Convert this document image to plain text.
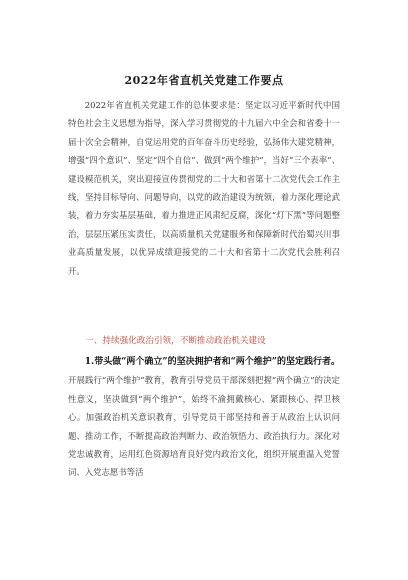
2022年省直机关党建工作要点

2022年省直机关党建工作的总体要求是：坚定以习近平新时代中国特色社会主义思想为指导，深入学习贯彻党的十九届六中全会和省委十一届十次全会精神，自觉运用党的百年奋斗历史经验，弘扬伟大建党精神，增强“四个意识”、坚定“四个自信”、做到“两个维护”，当好“三个表率”、建设模范机关，突出迎接宣传贯彻党的二十大和省第十二次党代会工作主线，坚持目标导向、问题导向，以党的政治建设为统领，着力深化理论武装，着力夯实基层基础，着力推进正风肃纪反腐，深化“灯下黑”等问题整治，层层压紧压实责任，以高质量机关党建服务和保障新时代治蜀兴川事业高质量发展，以优异成绩迎接党的二十大和省第十二次党代会胜利召开。

一、持续强化政治引领，不断推动政治机关建设

1.带头做“两个确立”的坚决拥护者和“两个维护”的坚定践行者。开展践行“两个维护”教育，教育引导党员干部深刻把握“两个确立”的决定性意义，坚决做到“两个维护”，始终不渝拥戴核心、紧跟核心、捍卫核心。加强政治机关意识教育，引导党员干部坚持和善于从政治上认识问题、推动工作，不断提高政治判断力、政治领悟力、政治执行力。深化对党忠诚教育，运用红色资源培育良好党内政治文化，组织开展重温入党誓词、入党志愿书等活
